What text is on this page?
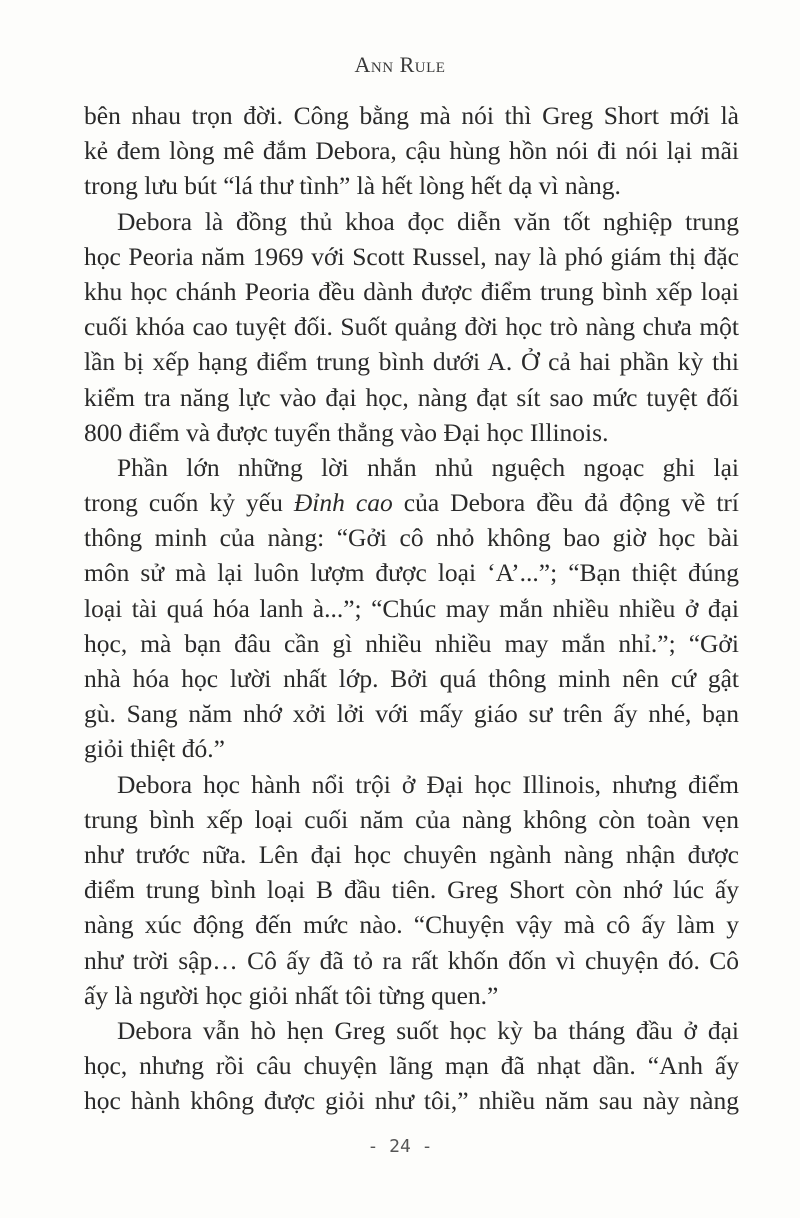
Ann Rule
bên nhau trọn đời. Công bằng mà nói thì Greg Short mới là
kẻ đem lòng mê đắm Debora, cậu hùng hồn nói đi nói lại mãi
trong lưu bút “lá thư tình” là hết lòng hết dạ vì nàng.
Debora là đồng thủ khoa đọc diễn văn tốt nghiệp trung
học Peoria năm 1969 với Scott Russel, nay là phó giám thị đặc
khu học chánh Peoria đều dành được điểm trung bình xếp loại
cuối khóa cao tuyệt đối. Suốt quảng đời học trò nàng chưa một
lần bị xếp hạng điểm trung bình dưới A. Ở cả hai phần kỳ thi
kiểm tra năng lực vào đại học, nàng đạt sít sao mức tuyệt đối
800 điểm và được tuyển thẳng vào Đại học Illinois.
Phần lớn những lời nhắn nhủ nguệch ngoạc ghi lại
trong cuốn kỷ yếu Đỉnh cao của Debora đều đả động về trí
thông minh của nàng: “Gởi cô nhỏ không bao giờ học bài
môn sử mà lại luôn lượm được loại ‘A’...”; “Bạn thiệt đúng
loại tài quá hóa lanh à...”; “Chúc may mắn nhiều nhiều ở đại
học, mà bạn đâu cần gì nhiều nhiều may mắn nhỉ.”; “Gởi
nhà hóa học lười nhất lớp. Bởi quá thông minh nên cứ gật
gù. Sang năm nhớ xởi lởi với mấy giáo sư trên ấy nhé, bạn
giỏi thiệt đó.”
Debora học hành nổi trội ở Đại học Illinois, nhưng điểm
trung bình xếp loại cuối năm của nàng không còn toàn vẹn
như trước nữa. Lên đại học chuyên ngành nàng nhận được
điểm trung bình loại B đầu tiên. Greg Short còn nhớ lúc ấy
nàng xúc động đến mức nào. “Chuyện vậy mà cô ấy làm y
như trời sập… Cô ấy đã tỏ ra rất khốn đốn vì chuyện đó. Cô
ấy là người học giỏi nhất tôi từng quen.”
Debora vẫn hò hẹn Greg suốt học kỳ ba tháng đầu ở đại
học, nhưng rồi câu chuyện lãng mạn đã nhạt dần. “Anh ấy
học hành không được giỏi như tôi,” nhiều năm sau này nàng
- 24 -
